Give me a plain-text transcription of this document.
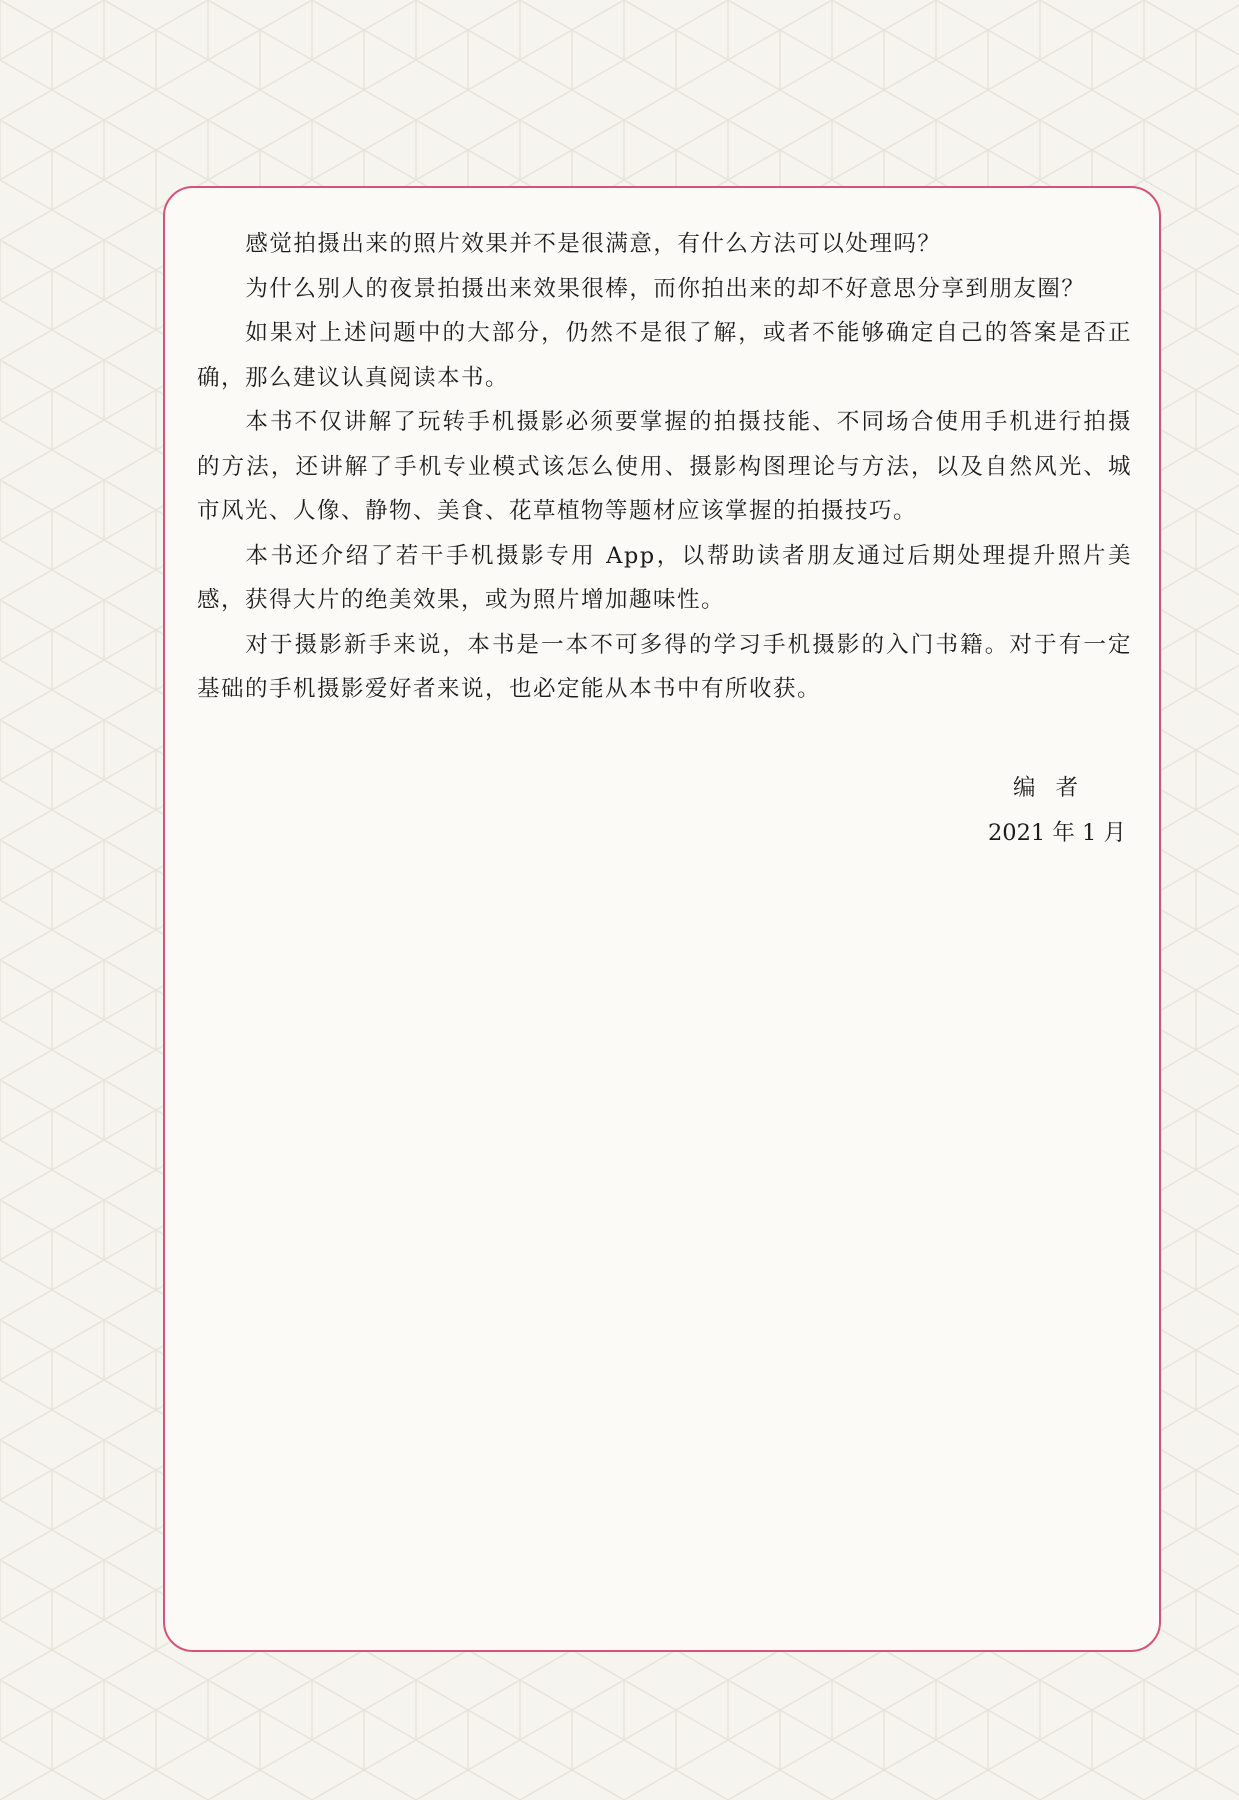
感觉拍摄出来的照片效果并不是很满意，有什么方法可以处理吗？

为什么别人的夜景拍摄出来效果很棒，而你拍出来的却不好意思分享到朋友圈？

如果对上述问题中的大部分，仍然不是很了解，或者不能够确定自己的答案是否正确，那么建议认真阅读本书。

本书不仅讲解了玩转手机摄影必须要掌握的拍摄技能、不同场合使用手机进行拍摄的方法，还讲解了手机专业模式该怎么使用、摄影构图理论与方法，以及自然风光、城市风光、人像、静物、美食、花草植物等题材应该掌握的拍摄技巧。

本书还介绍了若干手机摄影专用 App，以帮助读者朋友通过后期处理提升照片美感，获得大片的绝美效果，或为照片增加趣味性。

对于摄影新手来说，本书是一本不可多得的学习手机摄影的入门书籍。对于有一定基础的手机摄影爱好者来说，也必定能从本书中有所收获。

编者
2021 年 1 月
